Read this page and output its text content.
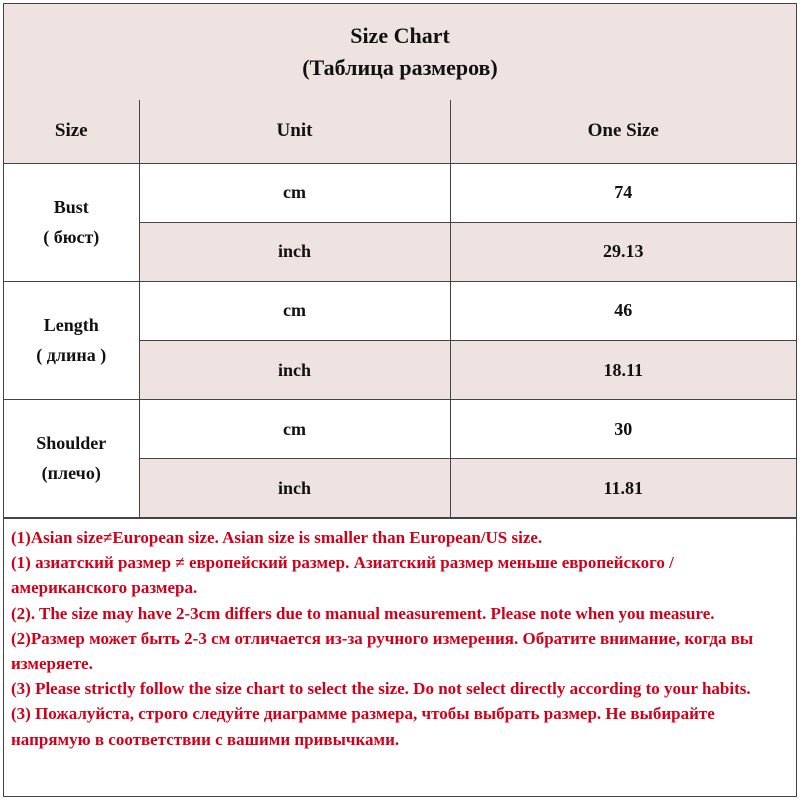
Size Chart
(Таблица размеров)
Size	Unit	One Size

Bust
( бюст)	cm	74
	inch	29.13

Length
( длина )	cm	46
	inch	18.11

Shoulder
(плечо)	cm	30
	inch	11.81

(1)Asian size≠European size. Asian size is smaller than European/US size.

(1) азиатский размер ≠ европейский размер. Азиатский размер меньше европейского / американского размера.

(2). The size may have 2-3cm differs due to manual measurement. Please note when you measure.

(2)Размер может быть 2-3 см отличается из-за ручного измерения. Обратите внимание, когда вы измеряете.

(3) Please strictly follow the size chart to select the size. Do not select directly according to your habits.

(3) Пожалуйста, строго следуйте диаграмме размера, чтобы выбрать размер. Не выбирайте напрямую в соответствии с вашими привычками.
